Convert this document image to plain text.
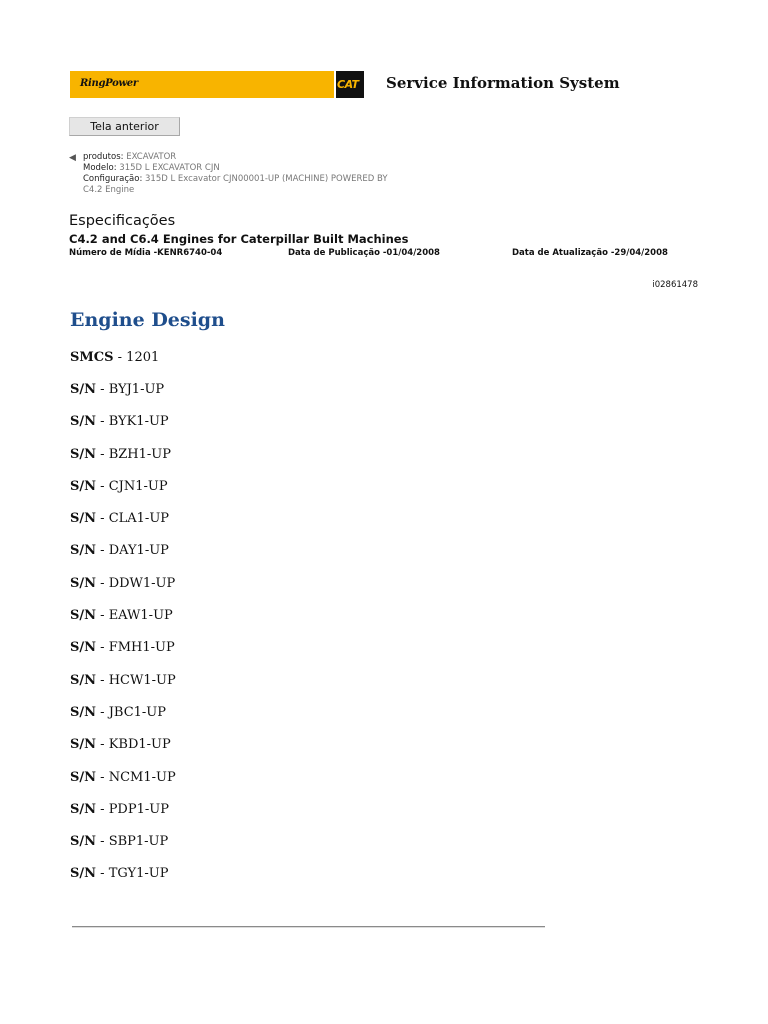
RingPower	CAT Service Information System
Tela anterior
◀ produtos: EXCAVATOR
Modelo: 315D L EXCAVATOR CJN
Configuração: 315D L Excavator CJN00001-UP (MACHINE) POWERED BY
C4.2 Engine
Especificações
C4.2 and C6.4 Engines for Caterpillar Built Machines
Número de Mídia -KENR6740-04	Data de Publicação -01/04/2008	Data de Atualização -29/04/2008
i02861478
Engine Design
SMCS - 1201
S/N - BYJ1-UP
S/N - BYK1-UP
S/N - BZH1-UP
S/N - CJN1-UP
S/N - CLA1-UP
S/N - DAY1-UP
S/N - DDW1-UP
S/N - EAW1-UP
S/N - FMH1-UP
S/N - HCW1-UP
S/N - JBC1-UP
S/N - KBD1-UP
S/N - NCM1-UP
S/N - PDP1-UP
S/N - SBP1-UP
S/N - TGY1-UP
